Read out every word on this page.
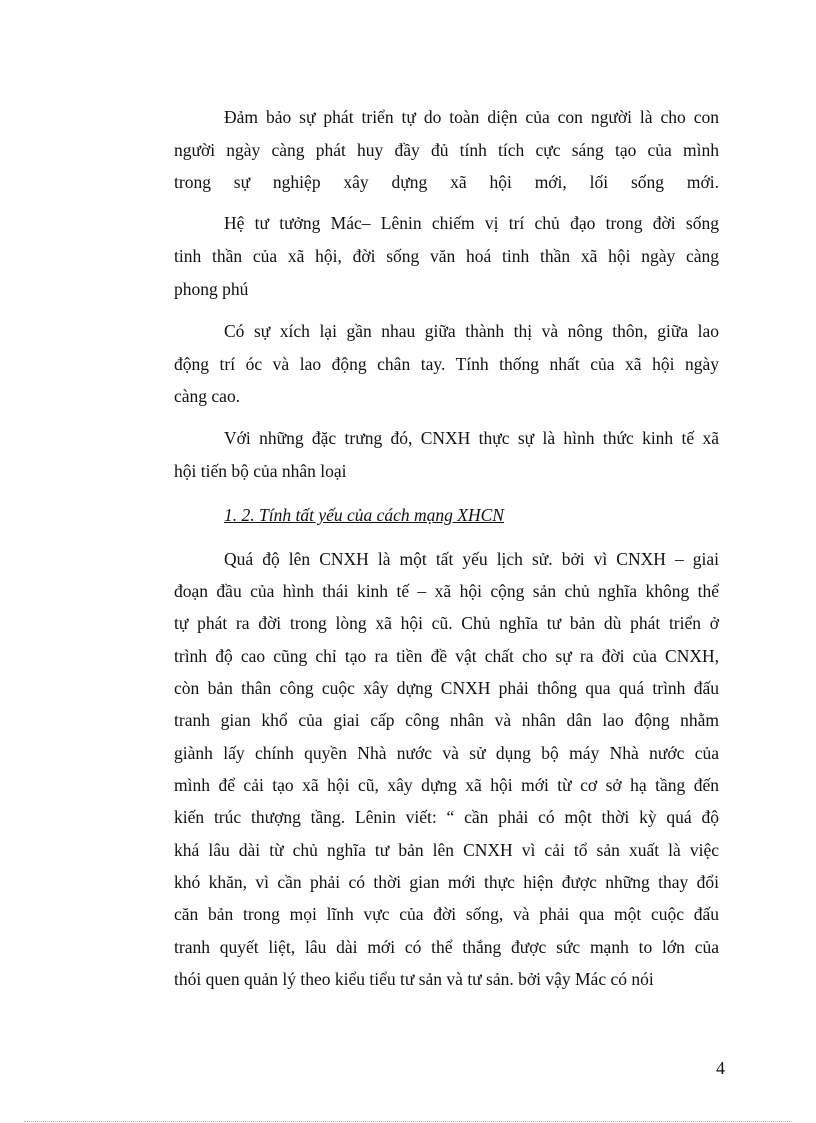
Đảm bảo sự phát triển tự do toàn diện của con người là cho con
người ngày càng phát huy đầy đủ tính tích cực sáng tạo của mình
trong sự nghiệp xây dựng xã hội mới, lối sống mới.
Hệ tư tưởng Mác– Lênin chiếm vị trí chủ đạo trong đời sống
tinh thần của xã hội, đời sống văn hoá tinh thần xã hội ngày càng
phong phú
Có sự xích lại gần nhau giữa thành thị và nông thôn, giữa lao
động trí óc và lao động chân tay. Tính thống nhất của xã hội ngày
càng cao.
Với những đặc trưng đó, CNXH thực sự là hình thức kinh tế xã
hội tiến bộ của nhân loại
1. 2. Tính tất yếu của cách mạng XHCN
Quá độ lên CNXH là một tất yếu lịch sử. bởi vì CNXH – giai
đoạn đầu của hình thái kinh tế – xã hội cộng sản chủ nghĩa không thể
tự phát ra đời trong lòng xã hội cũ. Chủ nghĩa tư bản dù phát triển ở
trình độ cao cũng chỉ tạo ra tiền đề vật chất cho sự ra đời của CNXH,
còn bản thân công cuộc xây dựng CNXH phải thông qua quá trình đấu
tranh gian khổ của giai cấp công nhân và nhân dân lao động nhằm
giành lấy chính quyền Nhà nước và sử dụng bộ máy Nhà nước của
mình để cải tạo xã hội cũ, xây dựng xã hội mới từ cơ sở hạ tầng đến
kiến trúc thượng tầng. Lênin viết: “ cần phải có một thời kỳ quá độ
khá lâu dài từ chủ nghĩa tư bản lên CNXH vì cải tổ sản xuất là việc
khó khăn, vì cần phải có thời gian mới thực hiện được những thay đổi
căn bản trong mọi lĩnh vực của đời sống, và phải qua một cuộc đấu
tranh quyết liệt, lâu dài mới có thể thắng được sức mạnh to lớn của
thói quen quản lý theo kiểu tiểu tư sản và tư sản. bởi vậy Mác có nói
4
